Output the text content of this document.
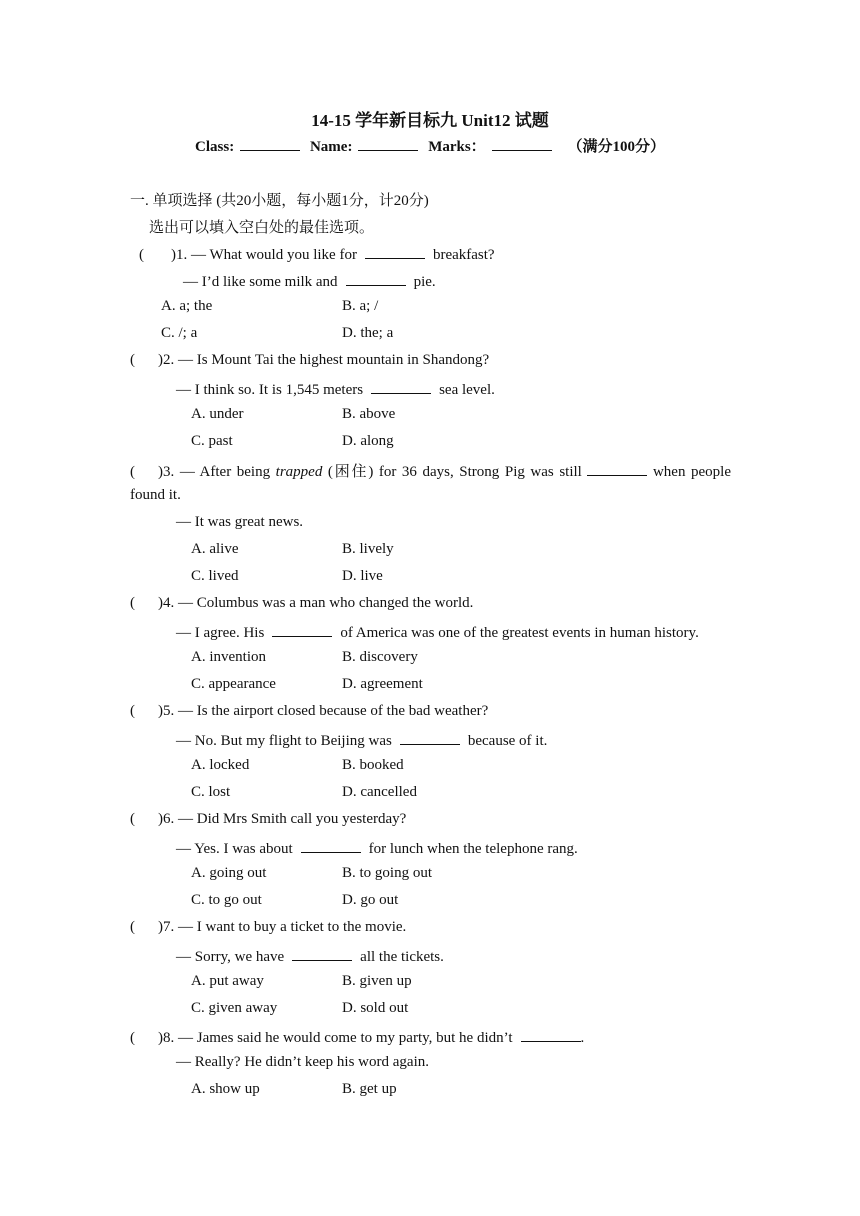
14-15 学年新目标九 Unit12 试题
Class:	Name:	Marks：	（满分100分）
一. 单项选择 (共20小题，每小题1分，计20分)
选出可以填入空白处的最佳选项。
( )1. — What would you like for	breakfast?
— I’d like some milk and	pie.
A. a; the	B. a; /
C. /; a	D. the; a
( )2. — Is Mount Tai the highest mountain in Shandong?
— I think so. It is 1,545 meters	sea level.
A. under	B. above
C. past	D. along
( )3. — After being trapped (困住) for 36 days, Strong Pig was still	when people
found it.
— It was great news.
A. alive	B. lively
C. lived	D. live
( )4. — Columbus was a man who changed the world.
— I agree. His	of America was one of the greatest events in human history.
A. invention	B. discovery
C. appearance	D. agreement
( )5. — Is the airport closed because of the bad weather?
— No. But my flight to Beijing was	because of it.
A. locked	B. booked
C. lost	D. cancelled
( )6. — Did Mrs Smith call you yesterday?
— Yes. I was about	for lunch when the telephone rang.
A. going out	B. to going out
C. to go out	D. go out
( )7. — I want to buy a ticket to the movie.
— Sorry, we have	all the tickets.
A. put away	B. given up
C. given away	D. sold out
( )8. — James said he would come to my party, but he didn’t	.
— Really? He didn’t keep his word again.
A. show up	B. get up
